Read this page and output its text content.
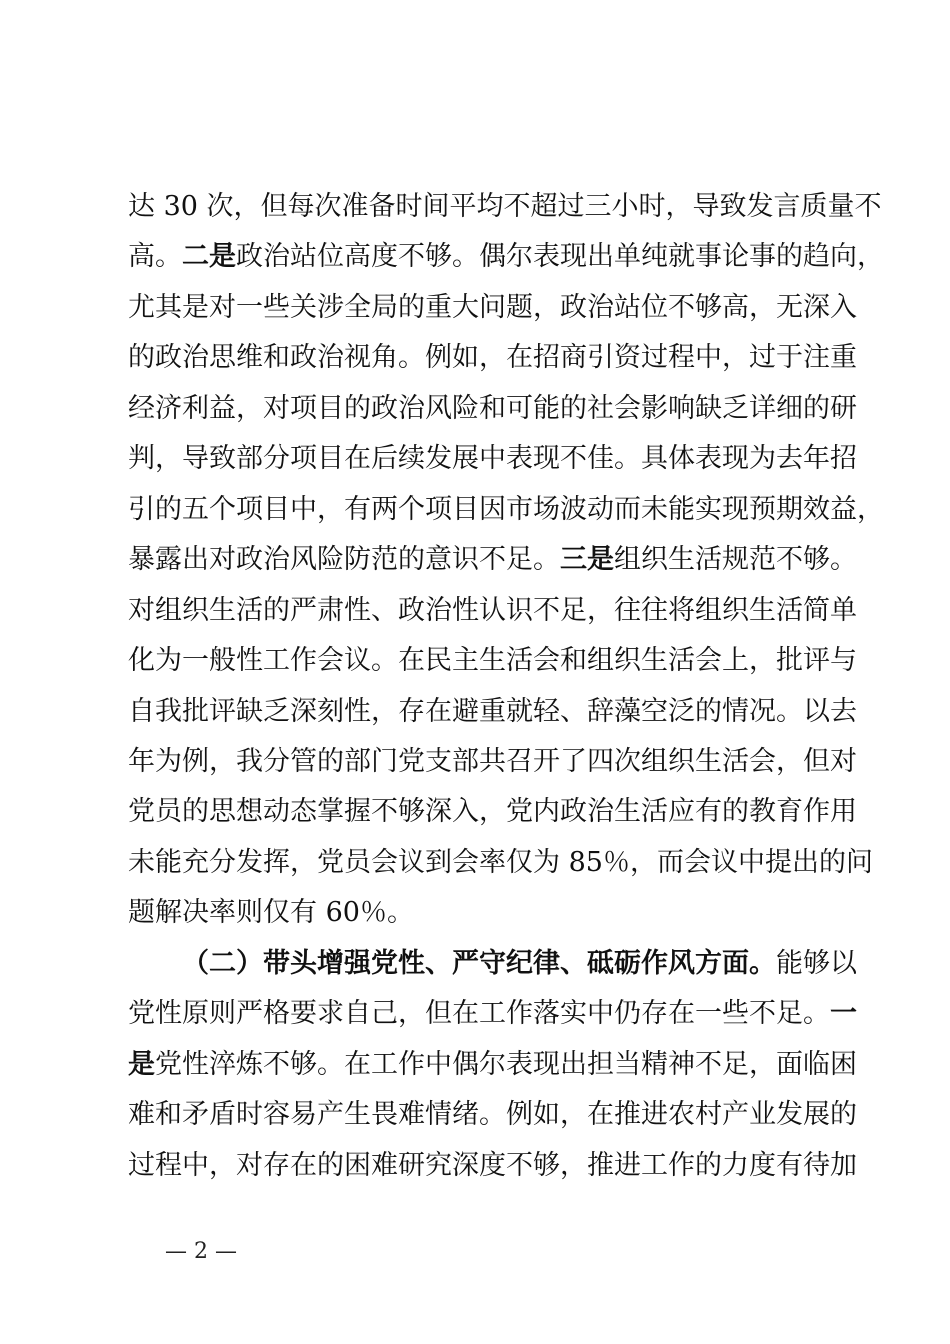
达 30 次，但每次准备时间平均不超过三小时，导致发言质量不
高。二是政治站位高度不够。偶尔表现出单纯就事论事的趋向，
尤其是对一些关涉全局的重大问题，政治站位不够高，无深入
的政治思维和政治视角。例如，在招商引资过程中，过于注重
经济利益，对项目的政治风险和可能的社会影响缺乏详细的研
判，导致部分项目在后续发展中表现不佳。具体表现为去年招
引的五个项目中，有两个项目因市场波动而未能实现预期效益，
暴露出对政治风险防范的意识不足。三是组织生活规范不够。
对组织生活的严肃性、政治性认识不足，往往将组织生活简单
化为一般性工作会议。在民主生活会和组织生活会上，批评与
自我批评缺乏深刻性，存在避重就轻、辞藻空泛的情况。以去
年为例，我分管的部门党支部共召开了四次组织生活会，但对
党员的思想动态掌握不够深入，党内政治生活应有的教育作用
未能充分发挥，党员会议到会率仅为 85％，而会议中提出的问
题解决率则仅有 60％。
（二）带头增强党性、严守纪律、砥砺作风方面。能够以
党性原则严格要求自己，但在工作落实中仍存在一些不足。一
是党性淬炼不够。在工作中偶尔表现出担当精神不足，面临困
难和矛盾时容易产生畏难情绪。例如，在推进农村产业发展的
过程中，对存在的困难研究深度不够，推进工作的力度有待加
— 2 —
